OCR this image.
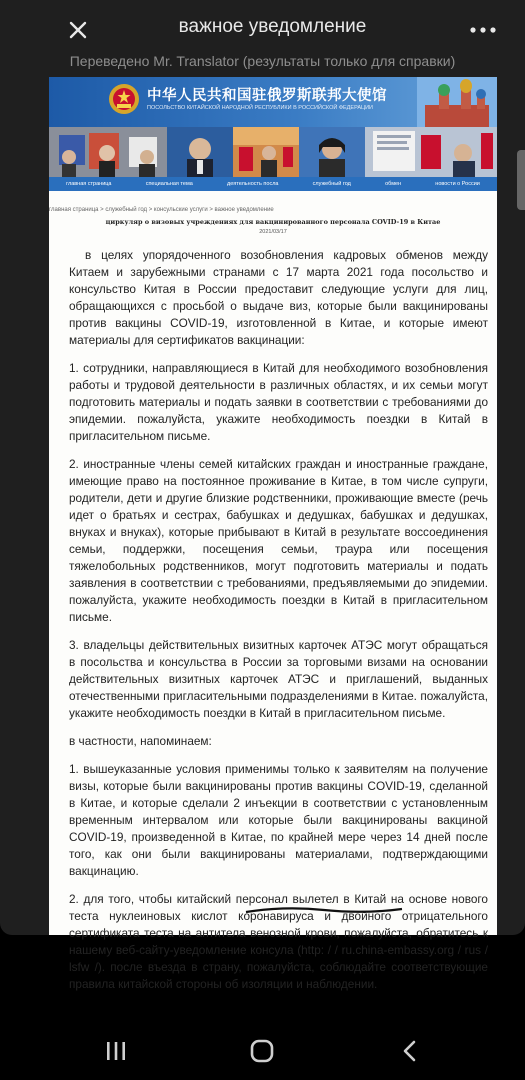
важное уведомление
Переведено Mr. Translator (результаты только для справки)
中华人民共和国驻俄罗斯联邦大使馆
ПОСОЛЬСТВО КИТАЙСКОЙ НАРОДНОЙ РЕСПУБЛИКИ В РОССИЙСКОЙ ФЕДЕРАЦИИ
главная страница	специальная тема	деятельность посла	служебный год	обмен	новости о России
главная страница > служебный год > консульские услуги > важное уведомление
циркуляр о визовых учреждениях для вакцинированного персонала COVID-19 в Китае
2021/03/17

в целях упорядоченного возобновления кадровых обменов между Китаем и зарубежными странами с 17 марта 2021 года посольство и консульство Китая в России предоставит следующие услуги для лиц, обращающихся с просьбой о выдаче виз, которые были вакцинированы против вакцины COVID-19, изготовленной в Китае, и которые имеют материалы для сертификатов вакцинации:

1. сотрудники, направляющиеся в Китай для необходимого возобновления работы и трудовой деятельности в различных областях, и их семьи могут подготовить материалы и подать заявки в соответствии с требованиями до эпидемии. пожалуйста, укажите необходимость поездки в Китай в пригласительном письме.

2. иностранные члены семей китайских граждан и иностранные граждане, имеющие право на постоянное проживание в Китае, в том числе супруги, родители, дети и другие близкие родственники, проживающие вместе (речь идет о братьях и сестрах, бабушках и дедушках, бабушках и дедушках, внуках и внуках), которые прибывают в Китай в результате воссоединения семьи, поддержки, посещения семьи, траура или посещения тяжелобольных родственников, могут подготовить материалы и подать заявления в соответствии с требованиями, предъявляемыми до эпидемии. пожалуйста, укажите необходимость поездки в Китай в пригласительном письме.

3. владельцы действительных визитных карточек АТЭС могут обращаться в посольства и консульства в России за торговыми визами на основании действительных визитных карточек АТЭС и приглашений, выданных отечественными пригласительными подразделениями в Китае. пожалуйста, укажите необходимость поездки в Китай в пригласительном письме.

в частности, напоминаем:

1. вышеуказанные условия применимы только к заявителям на получение визы, которые были вакцинированы против вакцины COVID-19, сделанной в Китае, и которые сделали 2 инъекции в соответствии с установленным временным интервалом или которые были вакцинированы вакциной COVID-19, произведенной в Китае, по крайней мере через 14 дней после того, как они были вакцинированы материалами, подтверждающими вакцинацию.

2. для того, чтобы китайский персонал вылетел в Китай на основе нового теста нуклеиновых кислот коронавируса и двойного отрицательного сертификата теста на антитела венозной крови, пожалуйста, обратитесь к нашему веб-сайту-уведомление консула (http: / / ru.china-embassy.org / rus / lsfw /). после въезда в страну, пожалуйста, соблюдайте соответствующие правила китайской стороны об изоляции и наблюдении.
